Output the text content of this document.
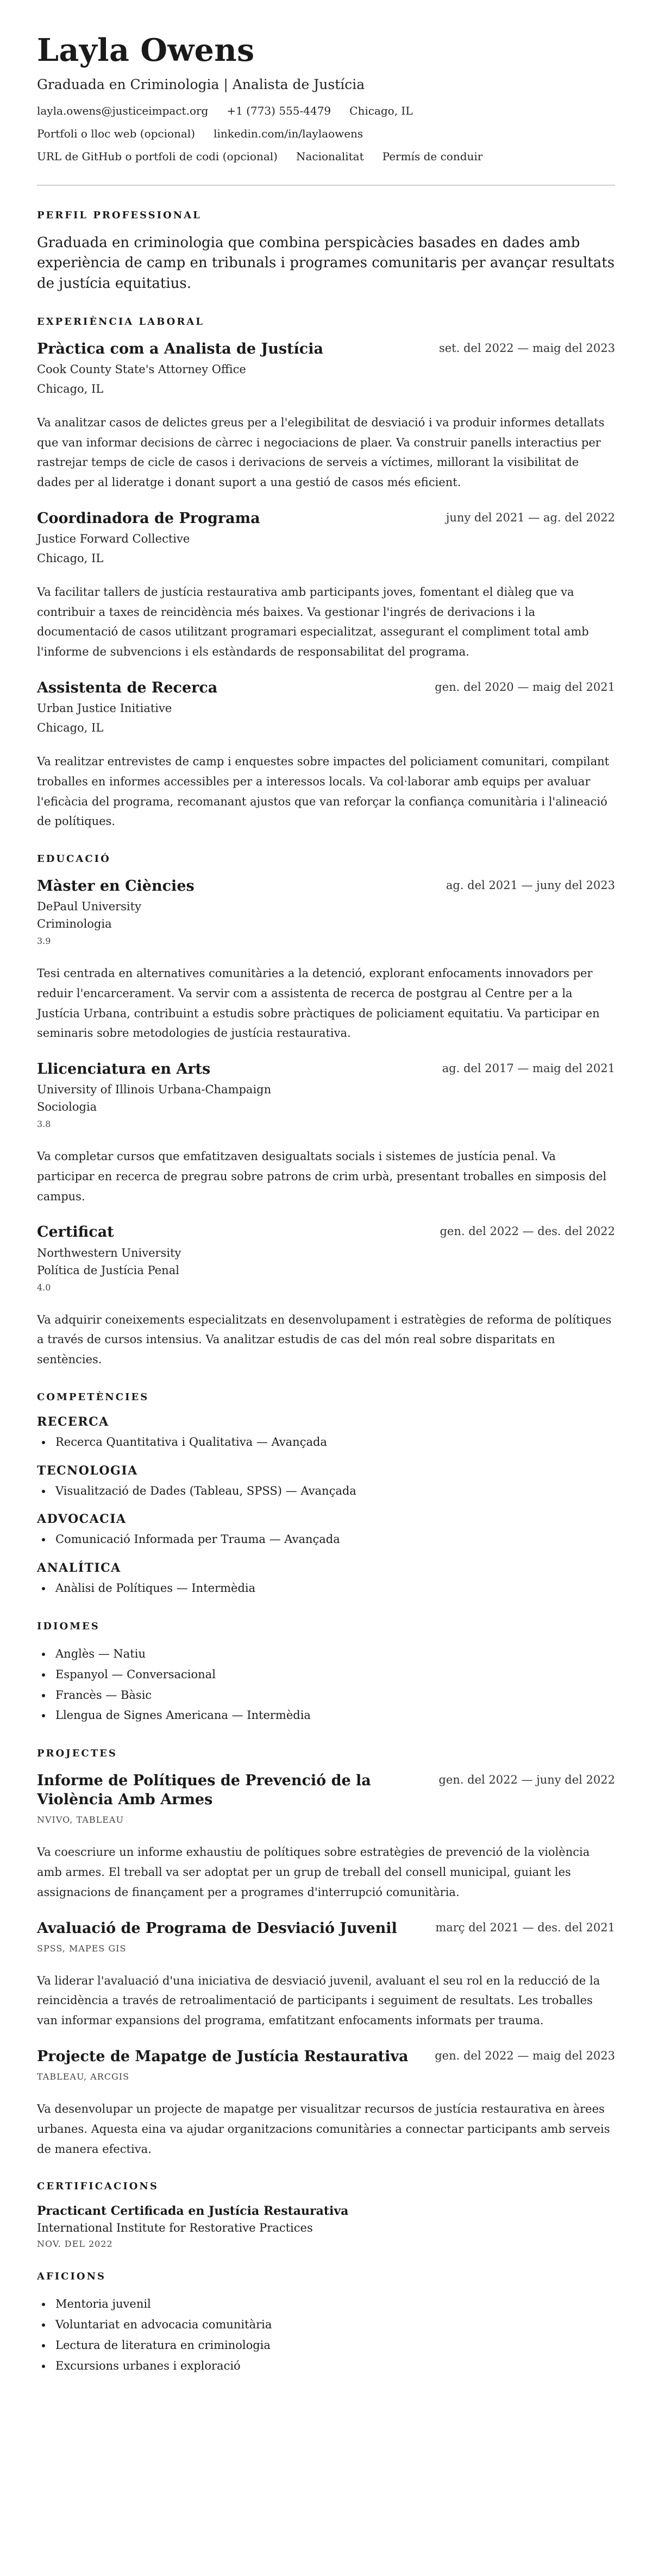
Layla Owens
Graduada en Criminologia | Analista de Justícia
layla.owens@justiceimpact.org +1 (773) 555-4479 Chicago, IL
Portfoli o lloc web (opcional) linkedin.com/in/laylaowens
URL de GitHub o portfoli de codi (opcional) Nacionalitat Permís de conduir
PERFIL PROFESSIONAL

Graduada en criminologia que combina perspicàcies basades en dades amb experiència de camp en tribunals i programes comunitaris per avançar resultats de justícia equitatius.

EXPERIÈNCIA LABORAL
Pràctica com a Analista de Justícia	set. del 2022 — maig del 2023
Cook County State's Attorney Office
Chicago, IL

Va analitzar casos de delictes greus per a l'elegibilitat de desviació i va produir informes detallats que van informar decisions de càrrec i negociacions de plaer. Va construir panells interactius per rastrejar temps de cicle de casos i derivacions de serveis a víctimes, millorant la visibilitat de dades per al lideratge i donant suport a una gestió de casos més eficient.

Coordinadora de Programa	juny del 2021 — ag. del 2022
Justice Forward Collective
Chicago, IL

Va facilitar tallers de justícia restaurativa amb participants joves, fomentant el diàleg que va contribuir a taxes de reincidència més baixes. Va gestionar l'ingrés de derivacions i la documentació de casos utilitzant programari especialitzat, assegurant el compliment total amb l'informe de subvencions i els estàndards de responsabilitat del programa.

Assistenta de Recerca	gen. del 2020 — maig del 2021
Urban Justice Initiative
Chicago, IL

Va realitzar entrevistes de camp i enquestes sobre impactes del policiament comunitari, compilant troballes en informes accessibles per a interessos locals. Va col·laborar amb equips per avaluar l'eficàcia del programa, recomanant ajustos que van reforçar la confiança comunitària i l'alineació de polítiques.

EDUCACIÓ
Màster en Ciències	ag. del 2021 — juny del 2023
DePaul University
Criminologia
3.9

Tesi centrada en alternatives comunitàries a la detenció, explorant enfocaments innovadors per reduir l'encarcerament. Va servir com a assistenta de recerca de postgrau al Centre per a la Justícia Urbana, contribuint a estudis sobre pràctiques de policiament equitatiu. Va participar en seminaris sobre metodologies de justícia restaurativa.

Llicenciatura en Arts	ag. del 2017 — maig del 2021
University of Illinois Urbana-Champaign
Sociologia
3.8

Va completar cursos que emfatitzaven desigualtats socials i sistemes de justícia penal. Va participar en recerca de pregrau sobre patrons de crim urbà, presentant troballes en simposis del campus.

Certificat	gen. del 2022 — des. del 2022
Northwestern University
Política de Justícia Penal
4.0

Va adquirir coneixements especialitzats en desenvolupament i estratègies de reforma de polítiques a través de cursos intensius. Va analitzar estudis de cas del món real sobre disparitats en sentències.

COMPETÈNCIES
RECERCA
• Recerca Quantitativa i Qualitativa — Avançada
TECNOLOGIA
• Visualització de Dades (Tableau, SPSS) — Avançada
ADVOCACIA
• Comunicació Informada per Trauma — Avançada
ANALÍTICA
• Anàlisi de Polítiques — Intermèdia
IDIOMES
• Anglès — Natiu
• Espanyol — Conversacional
• Francès — Bàsic
• Llengua de Signes Americana — Intermèdia
PROJECTES
Informe de Polítiques de Prevenció de la Violència Amb Armes
gen. del 2022 — juny del 2022
NVIVO, TABLEAU

Va coescriure un informe exhaustiu de polítiques sobre estratègies de prevenció de la violència amb armes. El treball va ser adoptat per un grup de treball del consell municipal, guiant les assignacions de finançament per a programes d'interrupció comunitària.

Avaluació de Programa de Desviació Juvenil	març del 2021 — des. del 2021
SPSS, MAPES GIS

Va liderar l'avaluació d'una iniciativa de desviació juvenil, avaluant el seu rol en la reducció de la reincidència a través de retroalimentació de participants i seguiment de resultats. Les troballes van informar expansions del programa, emfatitzant enfocaments informats per trauma.

Projecte de Mapatge de Justícia Restaurativa gen. del 2022 — maig del 2023
TABLEAU, ARCGIS

Va desenvolupar un projecte de mapatge per visualitzar recursos de justícia restaurativa en àrees urbanes. Aquesta eina va ajudar organitzacions comunitàries a connectar participants amb serveis de manera efectiva.

CERTIFICACIONS
Practicant Certificada en Justícia Restaurativa
International Institute for Restorative Practices
NOV. DEL 2022
AFICIONS
• Mentoria juvenil
• Voluntariat en advocacia comunitària
• Lectura de literatura en criminologia
• Excursions urbanes i exploració
